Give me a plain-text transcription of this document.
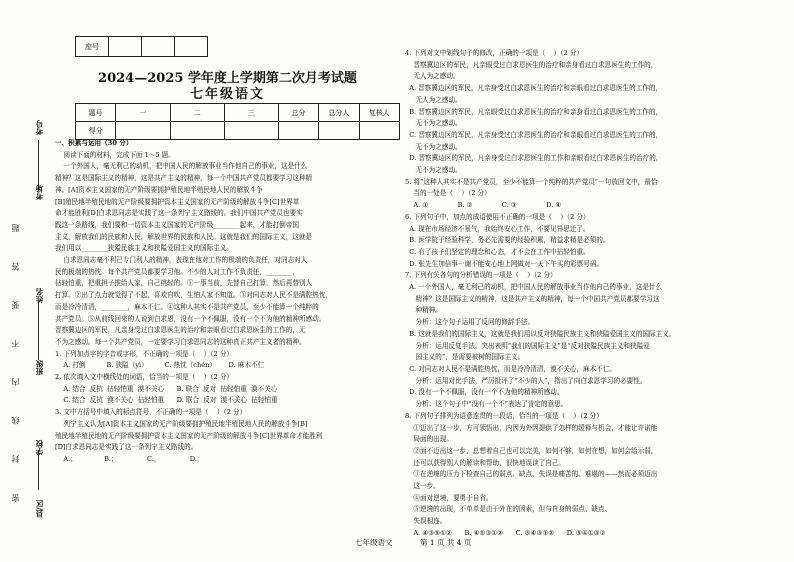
考号
考场
姓名
班级
学校
县/区
密 封 线 内 不 要 答 题
座号			
2024—2025 学年度上学期第二次月考试题
七年级语文
题号	一	二	三	总分	总分人	复核人
得分						
一、积累与运用（30 分）
阅读下面的材料，完成下面 1～5 题。
一个外国人，毫无利己的动机，把中国人民的解放事业当作他自己的事业，这是什么
精神？这是国际主义的精神，这是共产主义的精神，每一个中国共产党员都要学习这种精
神。[A]资本主义国家的无产阶级要拥护殖民地半殖民地人民的解放斗争
[B]殖民地半殖民地的无产阶级要拥护资本主义国家的无产阶级的解放斗争[C]世界革
命才能胜利[D]白求恩同志是实践了这一条列宁主义路线的。我们中国共产党员也要实
践这一条路线，我们要和一切资本主义国家的无产阶级________起来，才能打倒帝国
主义，解放我们的民族和人民，解放世界的民族和人民。这就是我们的国际主义，这就是
我们用以________狭隘民族主义和狭隘爱国主义的国际主义。
白求恩同志毫不利己专门利人的精神，表现在他对工作的极端的负责任，对同志对人
民的极端的热忱。每个共产党员都要学习他。不少的人对工作不负责任，________，
拈轻怕重，把重担子推给人家，自己挑轻的。①一事当前，先替自己打算，然后再替别人
打算。②出了点力就觉得了不起，喜欢自吹，生怕人家不知道。③对同志对人民不是满腔热忱，
而是冷冷清清，________，麻木不仁。④这种人其实不是共产党员，至少不能算一个纯粹的
共产党员。⑤从前线回来的人说到白求恩，没有一个不佩服，没有一个不为他的精神所感动。
晋察冀边区的军民，凡亲身受过白求恩医生的治疗和亲眼看过白求恩医生的工作的，无
不为之感动。每一个共产党员，一定要学习白求恩同志的这种真正共产主义者的精神。
1. 下列加点字的字音或字形，不正确的一项是（    ）（2 分）
A. 打倒          B. 狭隘（yì）        C. 热忱（chén）      D. 麻木不仁
2. 依次填入文中横线处的词语，恰当的一项是（    ）（2 分）
A. 结合  反抗  拈轻怕重  漠不关心      B. 联合  反对  拈轻怕重  漠不关心
C. 结合  反抗  漠不关心  拈轻怕重      D. 联合  反对  漠不关心  拈轻怕重
3. 文中方括号中填入的标点符号，不正确的一项是（    ）（2 分）
列宁主义认为[A]资本主义国家的无产阶级要拥护殖民地半殖民地人民的解放斗争[B]
殖民地半殖民地的无产阶级要拥护资本主义国家的无产阶级的解放斗争[C]世界革命才能胜利
[D]白求恩同志是实践了这一条列宁主义路线的。
A.；             B.；              C.，              D.，
4. 下列对文中划线句子的修改，正确的一项是（    ）（2 分）
晋察冀边区的军民，凡亲眼受过白求恩医生的治疗和亲身看过白求恩医生的工作的，
无人为之感动。
A. 晋察冀边区的军民，凡亲身受过白求恩医生的治疗和亲眼看过白求恩医生的工作的，
无人为之感动。
B. 晋察冀边区的军民，凡亲眼受过白求恩医生的治疗和亲身看过白求恩医生的工作的，
无不为之感动。
C. 晋察冀边区的军民，凡亲身受过白求恩医生的治疗和亲眼看过白求恩医生的工作的，
无不为之感动。
D. 晋察冀边区的军民，凡亲身受过白求恩医生的工作和亲眼看过白求恩医生的治疗的，
无不为之感动。
5. 将“这种人其实不是共产党员，至少不能算一个纯粹的共产党员”一句放回文中，最恰
当的一处是（    ）（2 分）
A. ①              B. ②              C. ③              D. ④
6. 下列句子中，加点的成语使用不正确的一项是（    ）（2 分）
A. 现在市场经济不景气，我始终安心工作，不要见异思迁了。
B. 医学院于经验科学，务必先需要的经验积累，精益求精是必须的。
C. 有了孩子们坚定的理念和心态，才不会在工作中拈轻怕重。
D. 张先生加倍事一谢不能安心地上网做对一天下午买的彩票号码。
7. 下列有关各句的分析错误的一项是（    ）（2 分）
A. 一个外国人，毫无利己的动机，把中国人民的解放事业当作他自己的事业，这是什么
精神？这是国际主义的精神，这是共产主义的精神，每一个中国共产党员都要学习这
种精神。
分析：这个句子运用了反问的修辞手法。
B. 这就是我们的国际主义，这就是我们用以反对狭隘民族主义和狭隘爱国主义的国际主义。
分析：运用反复手法，突出表明“我们的国际主义”是“反对狭隘民族主义和狭隘爱
国主义的”，是需要被树的国际主义。
C. 对同志对人民不是满腔热忱，而是冷冷清清，漠不关心，麻木不仁。
分析：运用对比手法，严厉批评了“不少的人”，指出了向白求恩学习的必要性。
D. 没有一个不佩服，没有一个不为他的精神所感动。
分析：这个句子中“没有一个不”表达了肯定的意思。
8. 下列句子排列为语意连贯的一段话，恰当的一项是（    ）（2 分）
①迈出了这一步，方可领悟出，内因为外因提供了怎样的缓释与机会，才能让许诺能
局面的出现。
②面不迈出这一步，总想着自己也可以完美，如何不够，如何在想，如何会给示弱，
还可以获得别人的解读和帮助，很快地误读了自己。
③在逆境的压力下检查自己的弱点、缺点、失误是痛苦的、难堪的——然而必须迈出
这一步。
④面对逆境，要勇于自省。
⑤逆境的出现，不单单是由于外在的因素，但与自身的弱点、缺点、
失误相连。
A. ④③⑤①②      B. ④⑤③①②      C. ⑤④③①②      D. ⑤④①③②
七年级语文	第 1 页 共 4 页
